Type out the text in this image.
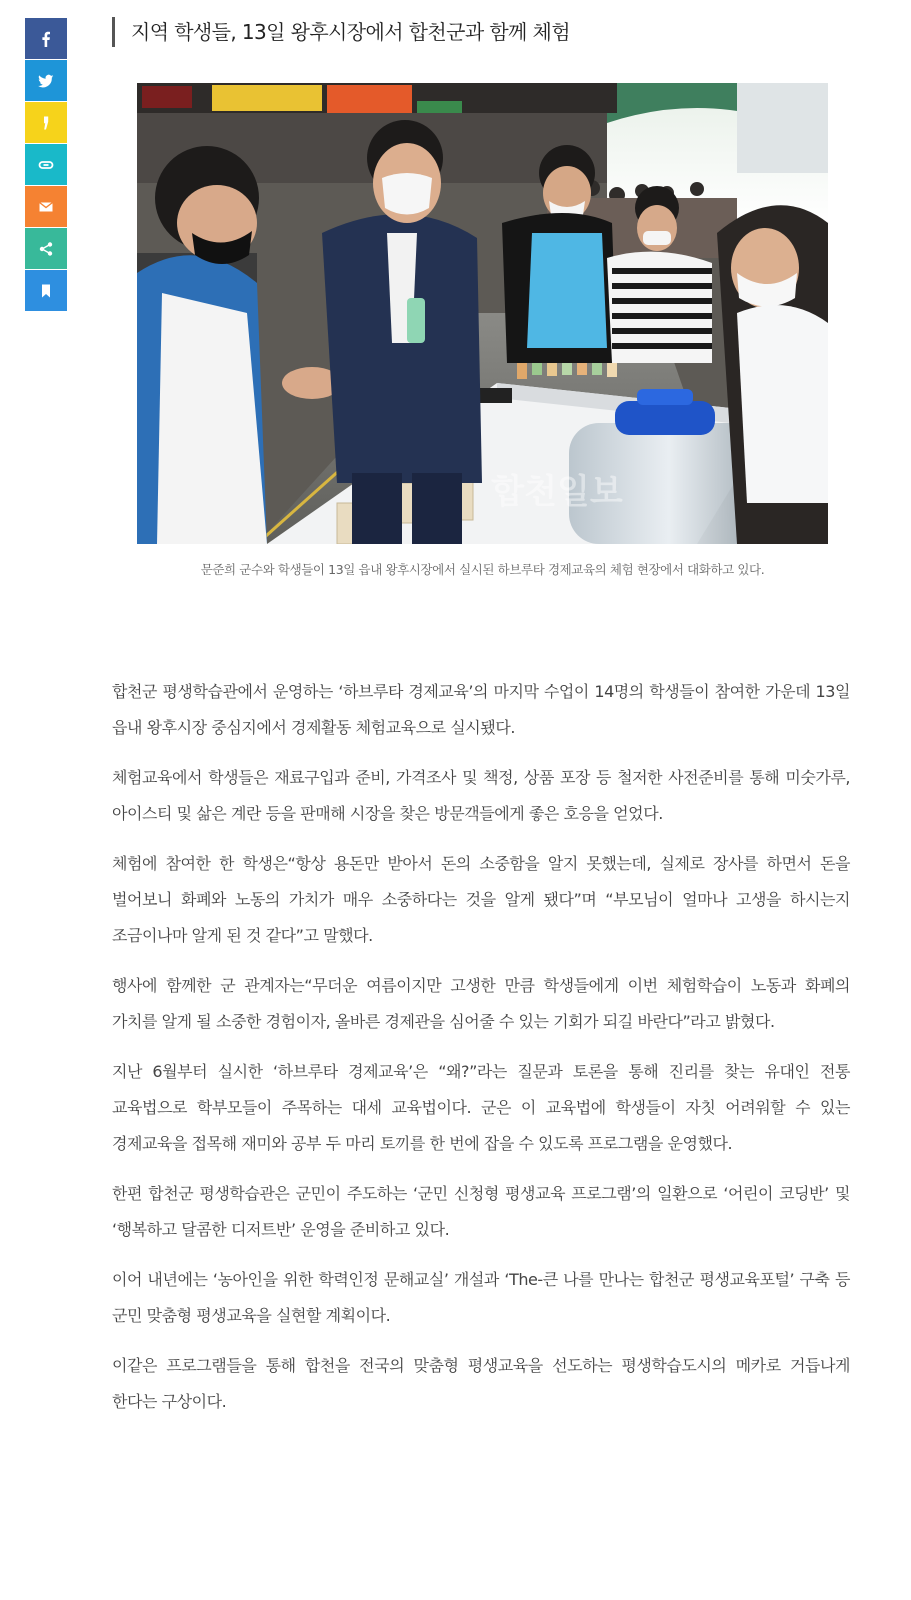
지역 학생들, 13일 왕후시장에서 합천군과 함께 체험
합천일보
문준희 군수와 학생들이 13일 읍내 왕후시장에서 실시된 하브루타 경제교육의 체험 현장에서 대화하고 있다.

합천군 평생학습관에서 운영하는 ‘하브루타 경제교육’의 마지막 수업이 14명의 학생들이 참여한 가운데 13일 읍내 왕후시장 중심지에서 경제활동 체험교육으로 실시됐다.

체험교육에서 학생들은 재료구입과 준비, 가격조사 및 책정, 상품 포장 등 철저한 사전준비를 통해 미숫가루, 아이스티 및 삶은 계란 등을 판매해 시장을 찾은 방문객들에게 좋은 호응을 얻었다.

체험에 참여한 한 학생은“항상 용돈만 받아서 돈의 소중함을 알지 못했는데, 실제로 장사를 하면서 돈을 벌어보니 화폐와 노동의 가치가 매우 소중하다는 것을 알게 됐다”며 “부모님이 얼마나 고생을 하시는지 조금이나마 알게 된 것 같다”고 말했다.

행사에 함께한 군 관계자는“무더운 여름이지만 고생한 만큼 학생들에게 이번 체험학습이 노동과 화폐의 가치를 알게 될 소중한 경험이자, 올바른 경제관을 심어줄 수 있는 기회가 되길 바란다”라고 밝혔다.

지난 6월부터 실시한 ‘하브루타 경제교육’은 “왜?”라는 질문과 토론을 통해 진리를 찾는 유대인 전통 교육법으로 학부모들이 주목하는 대세 교육법이다. 군은 이 교육법에 학생들이 자칫 어려워할 수 있는 경제교육을 접목해 재미와 공부 두 마리 토끼를 한 번에 잡을 수 있도록 프로그램을 운영했다.

한편 합천군 평생학습관은 군민이 주도하는 ‘군민 신청형 평생교육 프로그램’의 일환으로 ‘어린이 코딩반’ 및 ‘행복하고 달콤한 디저트반’ 운영을 준비하고 있다.

이어 내년에는 ‘농아인을 위한 학력인정 문해교실’ 개설과 ‘The-큰 나를 만나는 합천군 평생교육포털’ 구축 등 군민 맞춤형 평생교육을 실현할 계획이다.

이같은 프로그램들을 통해 합천을 전국의 맞춤형 평생교육을 선도하는 평생학습도시의 메카로 거듭나게 한다는 구상이다.
